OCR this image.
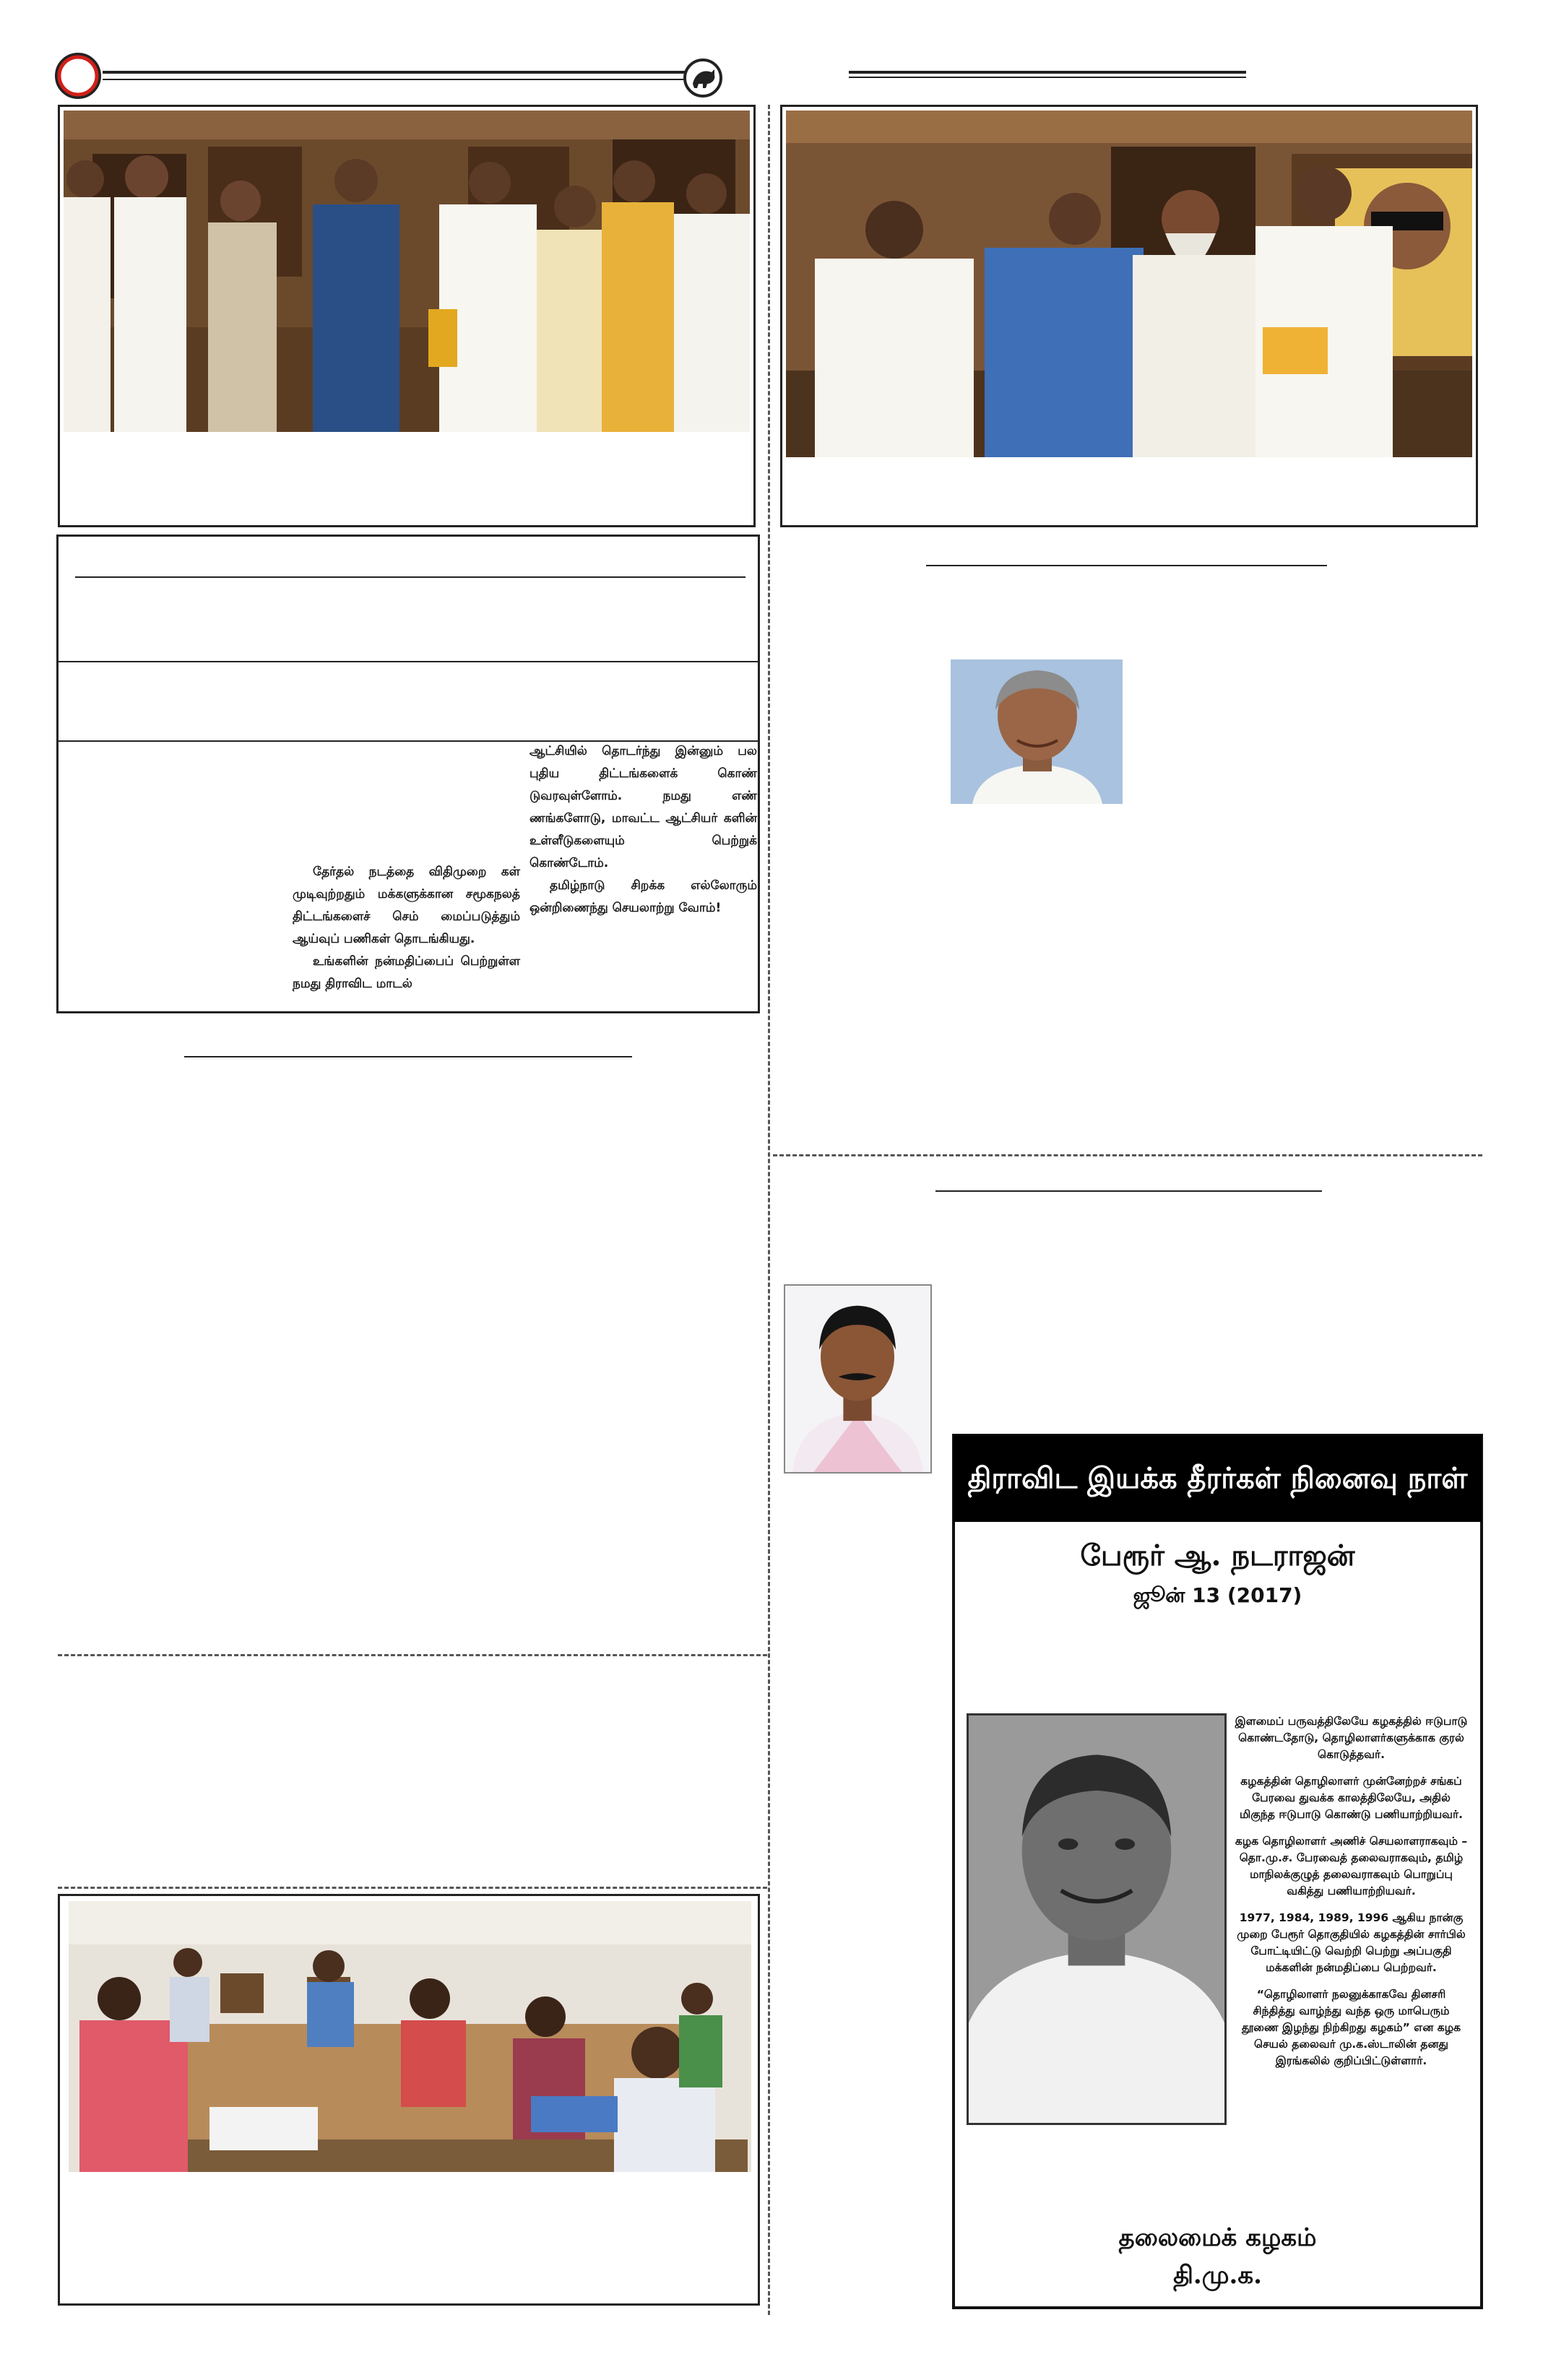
தேர்தல் நடத்தை விதிமுறை கள் முடிவுற்றதும் மக்களுக்கான சமூகநலத் திட்டங்களைச் செம் மைப்படுத்தும் ஆய்வுப் பணிகள் தொடங்கியது.

உங்களின் நன்மதிப்பைப் பெற்றுள்ள நமது திராவிட மாடல்

ஆட்சியில் தொடர்ந்து இன்னும் பல புதிய திட்டங்களைக் கொண் டுவரவுள்ளோம். நமது எண் ணங்களோடு, மாவட்ட ஆட்சியர் களின் உள்ளீடுகளையும் பெற்றுக் கொண்டோம்.

தமிழ்நாடு சிறக்க எல்லோரும் ஒன்றிணைந்து செயலாற்று வோம்!

திராவிட இயக்க தீரர்கள் நினைவு நாள்
பேரூர் ஆ. நடராஜன்
ஜூன் 13 (2017)

இளமைப் பருவத்திலேயே கழகத்தில் ஈடுபாடு கொண்டதோடு, தொழிலாளர்களுக்காக குரல் கொடுத்தவர்.

கழகத்தின் தொழிலாளர் முன்னேற்றச் சங்கப் பேரவை துவக்க காலத்திலேயே, அதில் மிகுந்த ஈடுபாடு கொண்டு பணியாற்றியவர்.

கழக தொழிலாளர் அணிச் செயலாளராகவும் – தொ.மு.ச. பேரவைத் தலைவராகவும், தமிழ் மாநிலக்குழுத் தலைவராகவும் பொறுப்பு வகித்து பணியாற்றியவர்.

1977, 1984, 1989, 1996 ஆகிய நான்கு முறை பேரூர் தொகுதியில் கழகத்தின் சார்பில் போட்டியிட்டு வெற்றி பெற்று அப்பகுதி மக்களின் நன்மதிப்பை பெற்றவர்.

“தொழிலாளர் நலனுக்காகவே தினசரி சிந்தித்து வாழ்ந்து வந்த ஒரு மாபெரும் தூணை இழந்து நிற்கிறது கழகம்” என கழக செயல் தலைவர் மு.க.ஸ்டாலின் தனது இரங்கலில் குறிப்பிட்டுள்ளார்.

தலைமைக் கழகம்
தி.மு.க.
